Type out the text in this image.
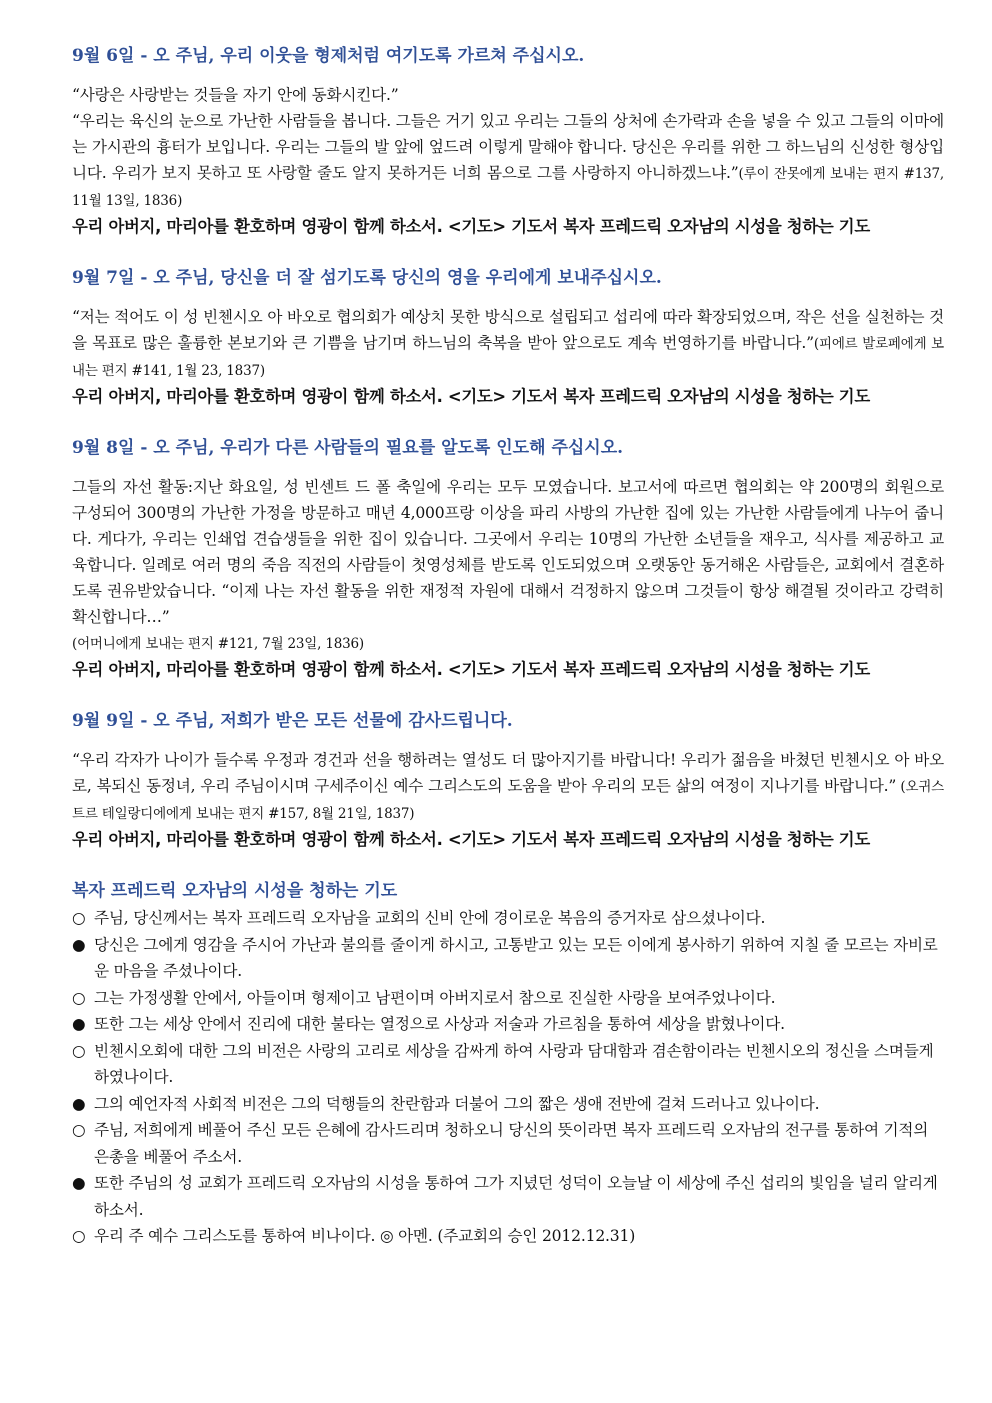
9월 6일 - 오 주님, 우리 이웃을 형제처럼 여기도록 가르쳐 주십시오.

“사랑은 사랑받는 것들을 자기 안에 동화시킨다.”

“우리는 육신의 눈으로 가난한 사람들을 봅니다. 그들은 거기 있고 우리는 그들의 상처에 손가락과 손을 넣을 수 있고 그들의 이마에는 가시관의 흉터가 보입니다. 우리는 그들의 발 앞에 엎드려 이렇게 말해야 합니다. 당신은 우리를 위한 그 하느님의 신성한 형상입니다. 우리가 보지 못하고 또 사랑할 줄도 알지 못하거든 너희 몸으로 그를 사랑하지 아니하겠느냐.”(루이 잔못에게 보내는 편지 #137, 11월 13일, 1836)

우리 아버지, 마리아를 환호하며 영광이 함께 하소서. <기도> 기도서 복자 프레드릭 오자남의 시성을 청하는 기도

9월 7일 - 오 주님, 당신을 더 잘 섬기도록 당신의 영을 우리에게 보내주십시오.

“저는 적어도 이 성 빈첸시오 아 바오로 협의회가 예상치 못한 방식으로 설립되고 섭리에 따라 확장되었으며, 작은 선을 실천하는 것을 목표로 많은 훌륭한 본보기와 큰 기쁨을 남기며 하느님의 축복을 받아 앞으로도 계속 번영하기를 바랍니다.”(피에르 발로페에게 보내는 편지 #141, 1월 23, 1837)

우리 아버지, 마리아를 환호하며 영광이 함께 하소서. <기도> 기도서 복자 프레드릭 오자남의 시성을 청하는 기도

9월 8일 - 오 주님, 우리가 다른 사람들의 필요를 알도록 인도해 주십시오.

그들의 자선 활동:지난 화요일, 성 빈센트 드 폴 축일에 우리는 모두 모였습니다. 보고서에 따르면 협의회는 약 200명의 회원으로 구성되어 300명의 가난한 가정을 방문하고 매년 4,000프랑 이상을 파리 사방의 가난한 집에 있는 가난한 사람들에게 나누어 줍니다. 게다가, 우리는 인쇄업 견습생들을 위한 집이 있습니다. 그곳에서 우리는 10명의 가난한 소년들을 재우고, 식사를 제공하고 교육합니다. 일례로 여러 명의 죽음 직전의 사람들이 첫영성체를 받도록 인도되었으며 오랫동안 동거해온 사람들은, 교회에서 결혼하도록 권유받았습니다. “이제 나는 자선 활동을 위한 재정적 자원에 대해서 걱정하지 않으며 그것들이 항상 해결될 것이라고 강력히 확신합니다…”

(어머니에게 보내는 편지 #121, 7월 23일, 1836)

우리 아버지, 마리아를 환호하며 영광이 함께 하소서. <기도> 기도서 복자 프레드릭 오자남의 시성을 청하는 기도

9월 9일 - 오 주님, 저희가 받은 모든 선물에 감사드립니다.

“우리 각자가 나이가 들수록 우정과 경건과 선을 행하려는 열성도 더 많아지기를 바랍니다! 우리가 젊음을 바쳤던 빈첸시오 아 바오로, 복되신 동정녀, 우리 주님이시며 구세주이신 예수 그리스도의 도움을 받아 우리의 모든 삶의 여정이 지나기를 바랍니다.” (오귀스트르 테일랑디에에게 보내는 편지 #157, 8월 21일, 1837)

우리 아버지, 마리아를 환호하며 영광이 함께 하소서. <기도> 기도서 복자 프레드릭 오자남의 시성을 청하는 기도

복자 프레드릭 오자남의 시성을 청하는 기도
○ 주님, 당신께서는 복자 프레드릭 오자남을 교회의 신비 안에 경이로운 복음의 증거자로 삼으셨나이다.
● 당신은 그에게 영감을 주시어 가난과 불의를 줄이게 하시고, 고통받고 있는 모든 이에게 봉사하기 위하여 지칠 줄 모르는 자비로운 마음을 주셨나이다.
○ 그는 가정생활 안에서, 아들이며 형제이고 남편이며 아버지로서 참으로 진실한 사랑을 보여주었나이다.
● 또한 그는 세상 안에서 진리에 대한 불타는 열정으로 사상과 저술과 가르침을 통하여 세상을 밝혔나이다.
○ 빈첸시오회에 대한 그의 비전은 사랑의 고리로 세상을 감싸게 하여 사랑과 담대함과 겸손함이라는 빈첸시오의 정신을 스며들게 하였나이다.
● 그의 예언자적 사회적 비전은 그의 덕행들의 찬란함과 더불어 그의 짧은 생애 전반에 걸쳐 드러나고 있나이다.
○ 주님, 저희에게 베풀어 주신 모든 은혜에 감사드리며 청하오니 당신의 뜻이라면 복자 프레드릭 오자남의 전구를 통하여 기적의 은총을 베풀어 주소서.
● 또한 주님의 성 교회가 프레드릭 오자남의 시성을 통하여 그가 지녔던 성덕이 오늘날 이 세상에 주신 섭리의 빛임을 널리 알리게 하소서.
○ 우리 주 예수 그리스도를 통하여 비나이다. ◎ 아멘. (주교회의 승인 2012.12.31)
